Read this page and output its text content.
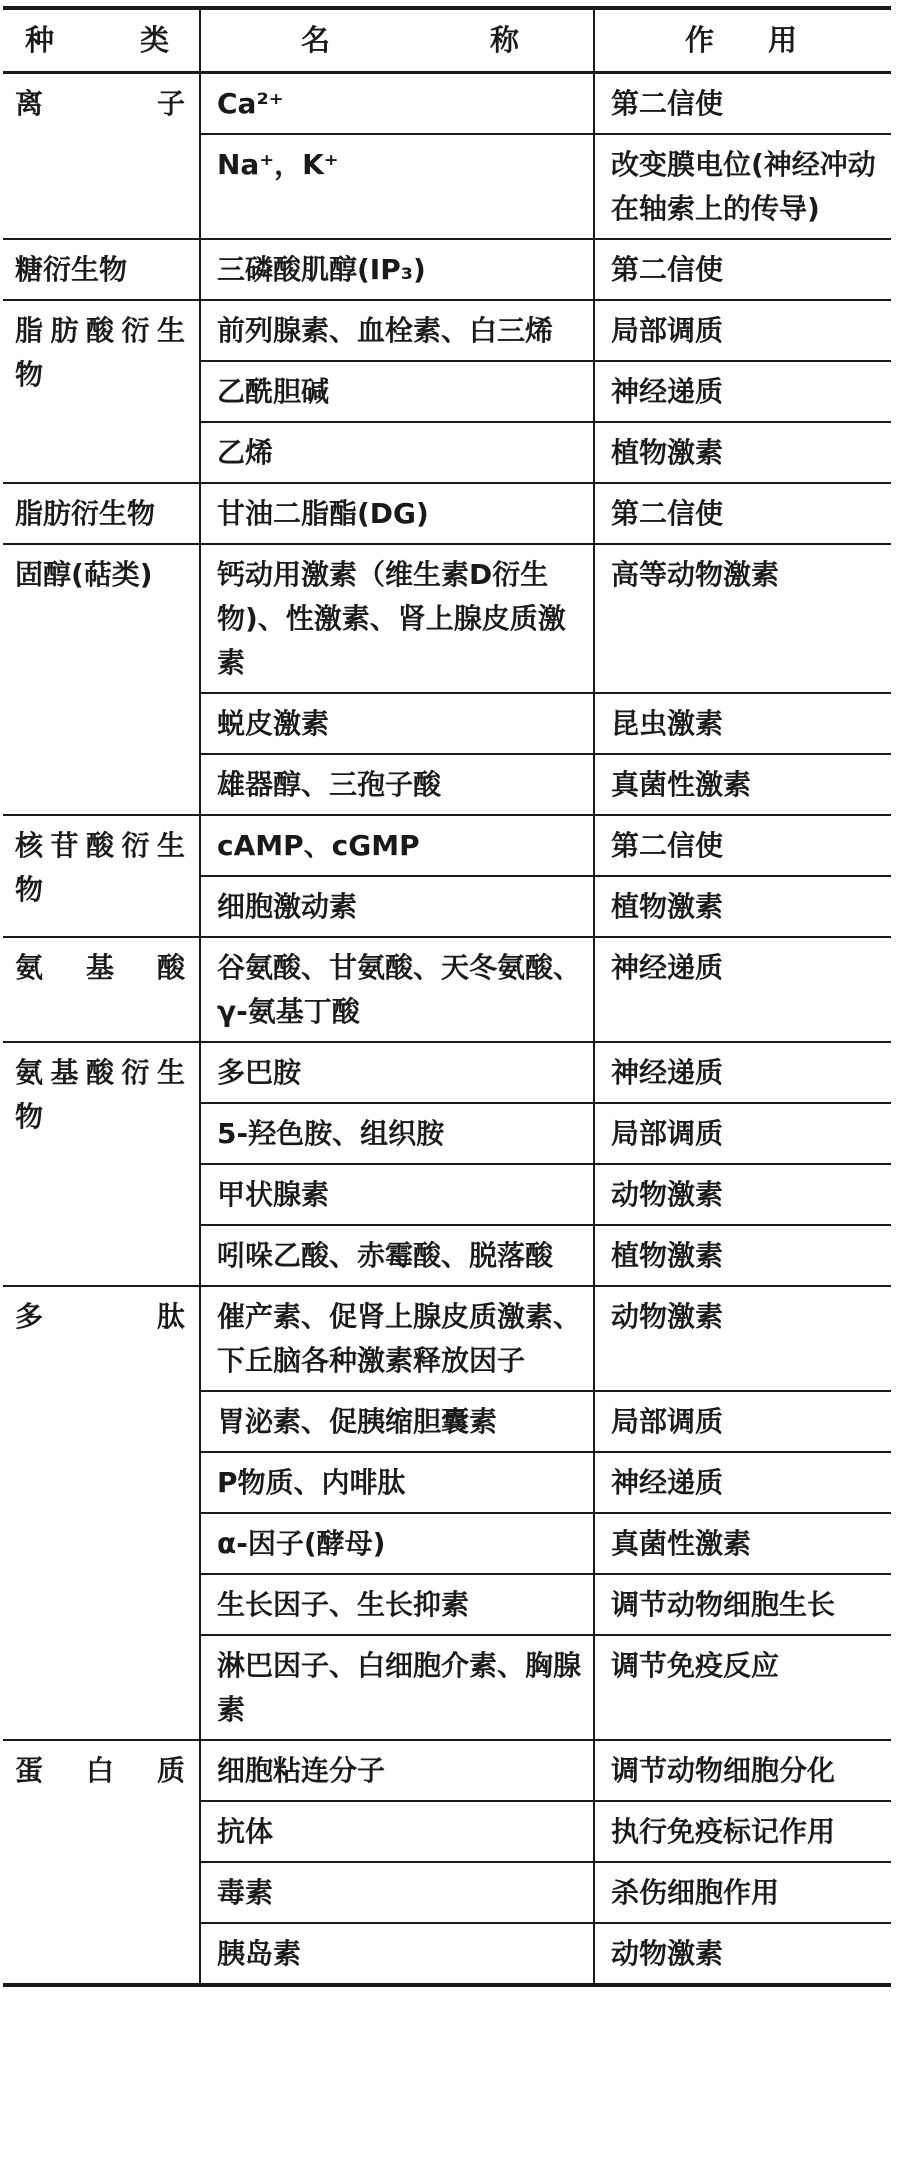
种 类	名 称	作 用

离　　子	Ca²⁺	第二信使
	Na⁺，K⁺	改变膜电位(神经冲动在轴索上的传导)
糖衍生物	三磷酸肌醇(IP₃)	第二信使
脂肪酸衍生　物	前列腺素、血栓素、白三烯	局部调质
	乙酰胆碱	神经递质
	乙烯	植物激素
脂肪衍生物	甘油二脂酯(DG)	第二信使
固醇(萜类)	钙动用激素（维生素D衍生物)、性激素、肾上腺皮质激素	高等动物激素
	蜕皮激素	昆虫激素
	雄器醇、三孢子酸	真菌性激素
核苷酸衍生　物	cAMP、cGMP	第二信使
	细胞激动素	植物激素
氨 基 酸	谷氨酸、甘氨酸、天冬氨酸、γ-氨基丁酸	神经递质
氨基酸衍生　物	多巴胺	神经递质
	5-羟色胺、组织胺	局部调质
	甲状腺素	动物激素
	吲哚乙酸、赤霉酸、脱落酸	植物激素
多　　肽	催产素、促肾上腺皮质激素、下丘脑各种激素释放因子	动物激素
	胃泌素、促胰缩胆囊素	局部调质
	P物质、内啡肽	神经递质
	α-因子(酵母)	真菌性激素
	生长因子、生长抑素	调节动物细胞生长
	淋巴因子、白细胞介素、胸腺素	调节免疫反应
蛋 白 质	细胞粘连分子	调节动物细胞分化
	抗体	执行免疫标记作用
	毒素	杀伤细胞作用
	胰岛素	动物激素
